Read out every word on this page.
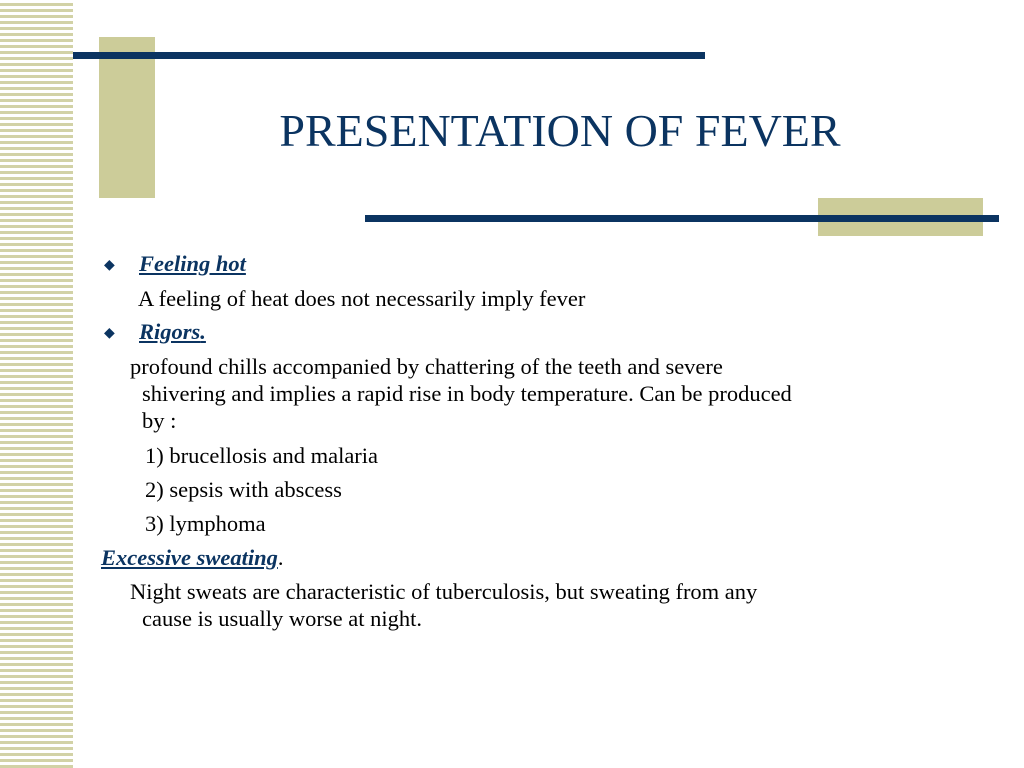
PRESENTATION OF FEVER
◆ Feeling hot
A feeling of heat does not necessarily imply fever
◆ Rigors.
profound chills accompanied by chattering of the teeth and severe
shivering and implies a rapid rise in body temperature. Can be produced
by :
1) brucellosis and malaria
2) sepsis with abscess
3) lymphoma
Excessive sweating.
Night sweats are characteristic of tuberculosis, but sweating from any
cause is usually worse at night.
